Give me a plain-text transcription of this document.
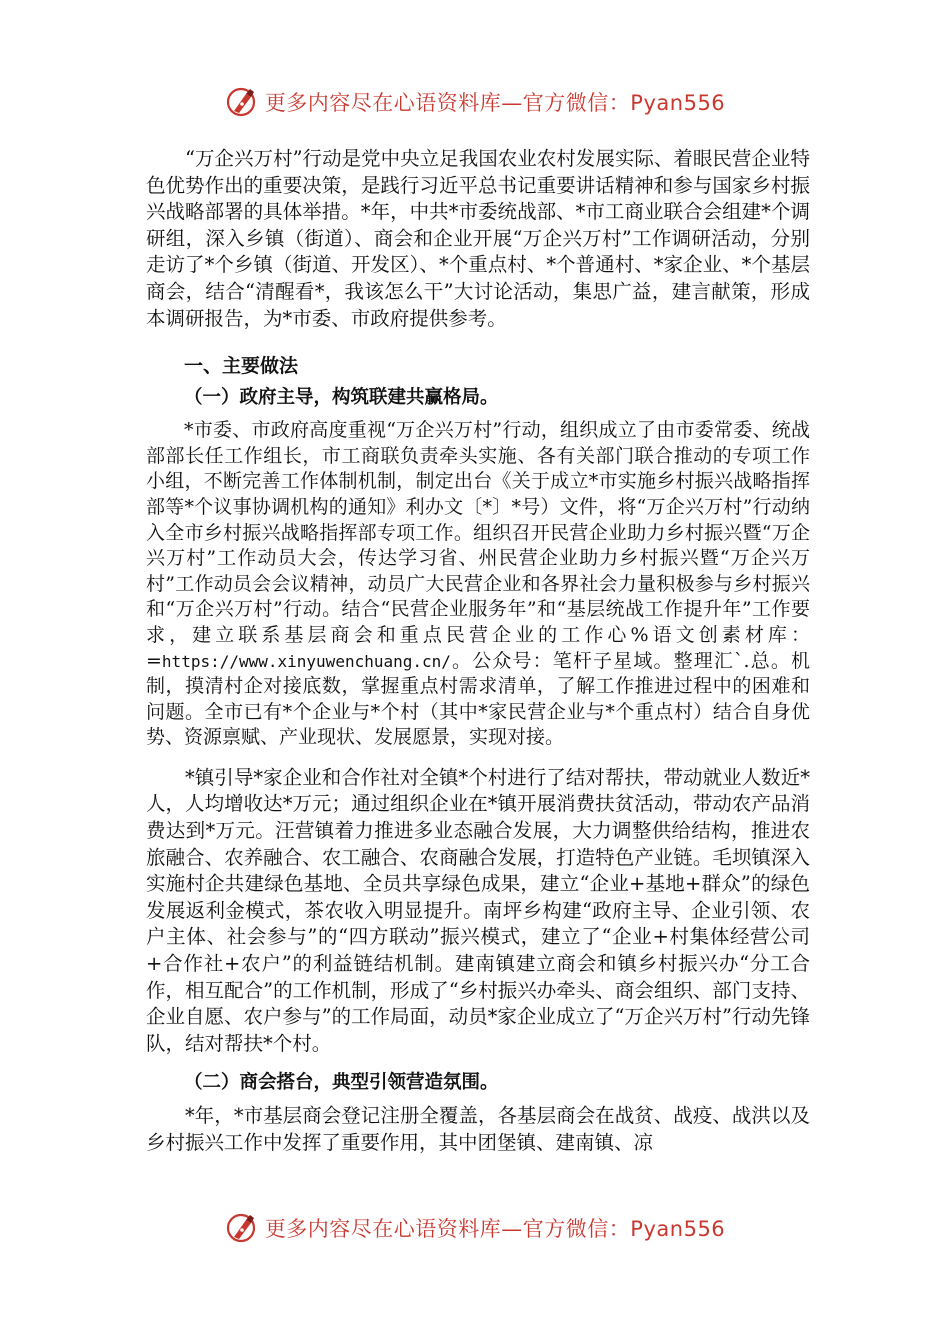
更多内容尽在心语资料库—官方微信：Pyan556

“万企兴万村”行动是党中央立足我国农业农村发展实际、着眼民营企业特色优势作出的重要决策，是践行习近平总书记重要讲话精神和参与国家乡村振兴战略部署的具体举措。*年，中共*市委统战部、*市工商业联合会组建*个调研组，深入乡镇（街道）、商会和企业开展“万企兴万村”工作调研活动，分别走访了*个乡镇（街道、开发区）、*个重点村、*个普通村、*家企业、*个基层商会，结合“清醒看*，我该怎么干”大讨论活动，集思广益，建言献策，形成本调研报告，为*市委、市政府提供参考。

一、主要做法

（一）政府主导，构筑联建共赢格局。

*市委、市政府高度重视“万企兴万村”行动，组织成立了由市委常委、统战部部长任工作组长，市工商联负责牵头实施、各有关部门联合推动的专项工作小组，不断完善工作体制机制，制定出台《关于成立*市实施乡村振兴战略指挥部等*个议事协调机构的通知》利办文〔*〕*号）文件，将“万企兴万村”行动纳入全市乡村振兴战略指挥部专项工作。组织召开民营企业助力乡村振兴暨“万企兴万村”工作动员大会，传达学习省、州民营企业助力乡村振兴暨“万企兴万村”工作动员会会议精神，动员广大民营企业和各界社会力量积极参与乡村振兴和“万企兴万村”行动。结合“民营企业服务年”和“基层统战工作提升年”工作要求，建立联系基层商会和重点民营企业的工作心%语文创素材库：=https://www.xinyuwenchuang.cn/。公众号：笔杆子星域。整理汇`.总。机制，摸清村企对接底数，掌握重点村需求清单，了解工作推进过程中的困难和问题。全市已有*个企业与*个村（其中*家民营企业与*个重点村）结合自身优势、资源禀赋、产业现状、发展愿景，实现对接。

*镇引导*家企业和合作社对全镇*个村进行了结对帮扶，带动就业人数近*人，人均增收达*万元；通过组织企业在*镇开展消费扶贫活动，带动农产品消费达到*万元。汪营镇着力推进多业态融合发展，大力调整供给结构，推进农旅融合、农养融合、农工融合、农商融合发展，打造特色产业链。毛坝镇深入实施村企共建绿色基地、全员共享绿色成果，建立“企业+基地+群众”的绿色发展返利金模式，茶农收入明显提升。南坪乡构建“政府主导、企业引领、农户主体、社会参与”的“四方联动”振兴模式，建立了“企业+村集体经营公司+合作社+农户”的利益链结机制。建南镇建立商会和镇乡村振兴办“分工合作，相互配合”的工作机制，形成了“乡村振兴办牵头、商会组织、部门支持、企业自愿、农户参与”的工作局面，动员*家企业成立了“万企兴万村”行动先锋队，结对帮扶*个村。

（二）商会搭台，典型引领营造氛围。

*年，*市基层商会登记注册全覆盖，各基层商会在战贫、战疫、战洪以及乡村振兴工作中发挥了重要作用，其中团堡镇、建南镇、凉

更多内容尽在心语资料库—官方微信：Pyan556
